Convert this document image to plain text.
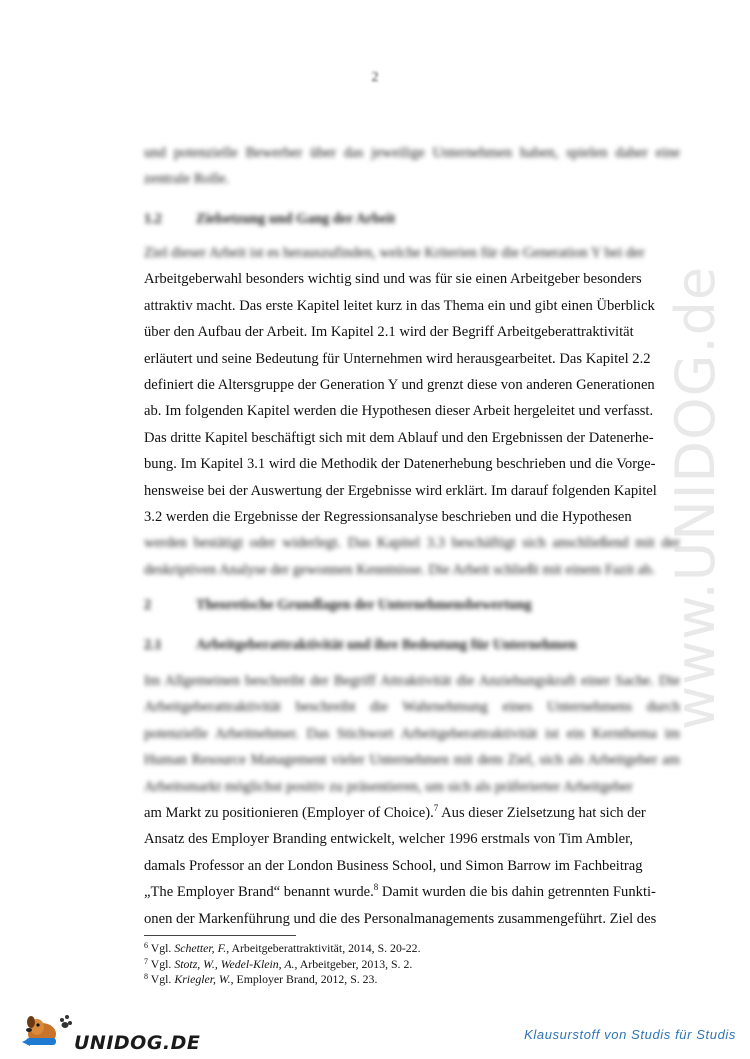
2

und potenzielle Bewerber über das jeweilige Unternehmen haben, spielen daher eine zentrale Rolle.

1.2 Zielsetzung und Gang der Arbeit

Ziel dieser Arbeit ist es herauszufinden, welche Kriterien für die Generation Y bei der

Arbeitgeberwahl besonders wichtig sind und was für sie einen Arbeitgeber besonders

attraktiv macht. Das erste Kapitel leitet kurz in das Thema ein und gibt einen Überblick

über den Aufbau der Arbeit. Im Kapitel 2.1 wird der Begriff Arbeitgeberattraktivität

erläutert und seine Bedeutung für Unternehmen wird herausgearbeitet. Das Kapitel 2.2

definiert die Altersgruppe der Generation Y und grenzt diese von anderen Generationen

ab. Im folgenden Kapitel werden die Hypothesen dieser Arbeit hergeleitet und verfasst.

Das dritte Kapitel beschäftigt sich mit dem Ablauf und den Ergebnissen der Datenerhe-

bung. Im Kapitel 3.1 wird die Methodik der Datenerhebung beschrieben und die Vorge-

hensweise bei der Auswertung der Ergebnisse wird erklärt. Im darauf folgenden Kapitel

3.2 werden die Ergebnisse der Regressionsanalyse beschrieben und die Hypothesen

werden bestätigt oder widerlegt. Das Kapitel 3.3 beschäftigt sich anschließend mit der deskriptiven Analyse der gewonnen Kenntnisse. Die Arbeit schließt mit einem Fazit ab.

2	Theoretische Grundlagen der Unternehmensbewertung
2.1 Arbeitgeberattraktivität und ihre Bedeutung für Unternehmen

Im Allgemeinen beschreibt der Begriff Attraktivität die Anziehungskraft einer Sache. Die Arbeitgeberattraktivität beschreibt die Wahrnehmung eines Unternehmens durch potenzielle Arbeitnehmer. Das Stichwort Arbeitgeberattraktivität ist ein Kernthema im Human Resource Management vieler Unternehmen mit dem Ziel, sich als Arbeitgeber am Arbeitsmarkt möglichst positiv zu präsentieren, um sich als präferierter Arbeitgeber

am Markt zu positionieren (Employer of Choice).$^7$ Aus dieser Zielsetzung hat sich der

Ansatz des Employer Branding entwickelt, welcher 1996 erstmals von Tim Ambler,

damals Professor an der London Business School, und Simon Barrow im Fachbeitrag

„The Employer Brand“ benannt wurde.$^8$ Damit wurden die bis dahin getrennten Funkti-

onen der Markenführung und die des Personalmanagements zusammengeführt. Ziel des

$^6$ Vgl. Schetter, F., Arbeitgeberattraktivität, 2014, S. 20-22.
$^7$ Vgl. Stotz, W., Wedel-Klein, A., Arbeitgeber, 2013, S. 2.
$^8$ Vgl. Kriegler, W., Employer Brand, 2012, S. 23.
www.UNIDOG.de
UNIDOG.DE	Klausurstoff von Studis für Studis
